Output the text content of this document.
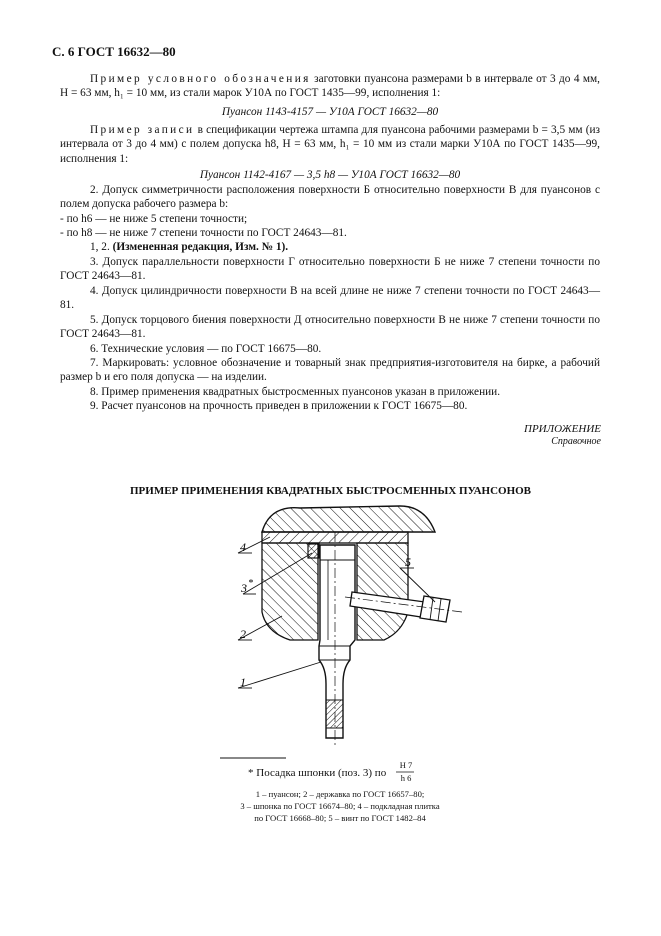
С. 6 ГОСТ 16632—80
Пример условного обозначения заготовки пуансона размерами b в интервале от 3 до 4 мм, H = 63 мм, h₁ = 10 мм, из стали марок У10А по ГОСТ 1435—99, исполнения 1:
Пуансон 1143-4157 — У10А ГОСТ 16632—80
Пример записи в спецификации чертежа штампа для пуансона рабочими размерами b = 3,5 мм (из интервала от 3 до 4 мм) с полем допуска h8, H = 63 мм, h₁ = 10 мм из стали марки У10А по ГОСТ 1435—99, исполнения 1:
Пуансон 1142-4167 — 3,5 h8 — У10А ГОСТ 16632—80
2. Допуск симметричности расположения поверхности Б относительно поверхности В для пуансонов с полем допуска рабочего размера b:
- по h6 — не ниже 5 степени точности;
- по h8 — не ниже 7 степени точности по ГОСТ 24643—81.
1, 2. (Измененная редакция, Изм. № 1).
3. Допуск параллельности поверхности Г относительно поверхности Б не ниже 7 степени точности по ГОСТ 24643—81.
4. Допуск цилиндричности поверхности В на всей длине не ниже 7 степени точности по ГОСТ 24643—81.
5. Допуск торцового биения поверхности Д относительно поверхности В не ниже 7 степени точности по ГОСТ 24643—81.
6. Технические условия — по ГОСТ 16675—80.
7. Маркировать: условное обозначение и товарный знак предприятия-изготовителя на бирке, а рабочий размер b и его поля допуска — на изделии.
8. Пример применения квадратных быстросменных пуансонов указан в приложении.
9. Расчет пуансонов на прочность приведен в приложении к ГОСТ 16675—80.
ПРИЛОЖЕНИЕ
Справочное
ПРИМЕР ПРИМЕНЕНИЯ КВАДРАТНЫХ БЫСТРОСМЕННЫХ ПУАНСОНОВ
4
3 *
2
1
5
* Посадка шпонки (поз. 3) по
H 7
h 6
1 – пуансон; 2 – державка по ГОСТ 16657–80;
3 – шпонка по ГОСТ 16674–80; 4 – подкладная плитка
по ГОСТ 16668–80; 5 – винт по ГОСТ 1482–84
